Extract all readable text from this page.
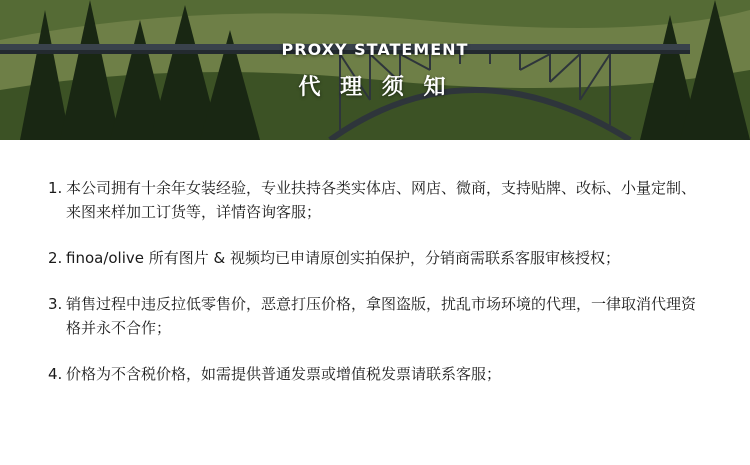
PROXY STATEMENT
代 理 须 知
1. 本公司拥有十余年女装经验，专业扶持各类实体店、网店、微商，支持贴牌、改标、小量定制、来图来样加工订货等，详情咨询客服；
2. finoa/olive 所有图片 & 视频均已申请原创实拍保护，分销商需联系客服审核授权；
3. 销售过程中违反拉低零售价，恶意打压价格，拿图盗版，扰乱市场环境的代理，一律取消代理资格并永不合作；
4. 价格为不含税价格，如需提供普通发票或增值税发票请联系客服；
